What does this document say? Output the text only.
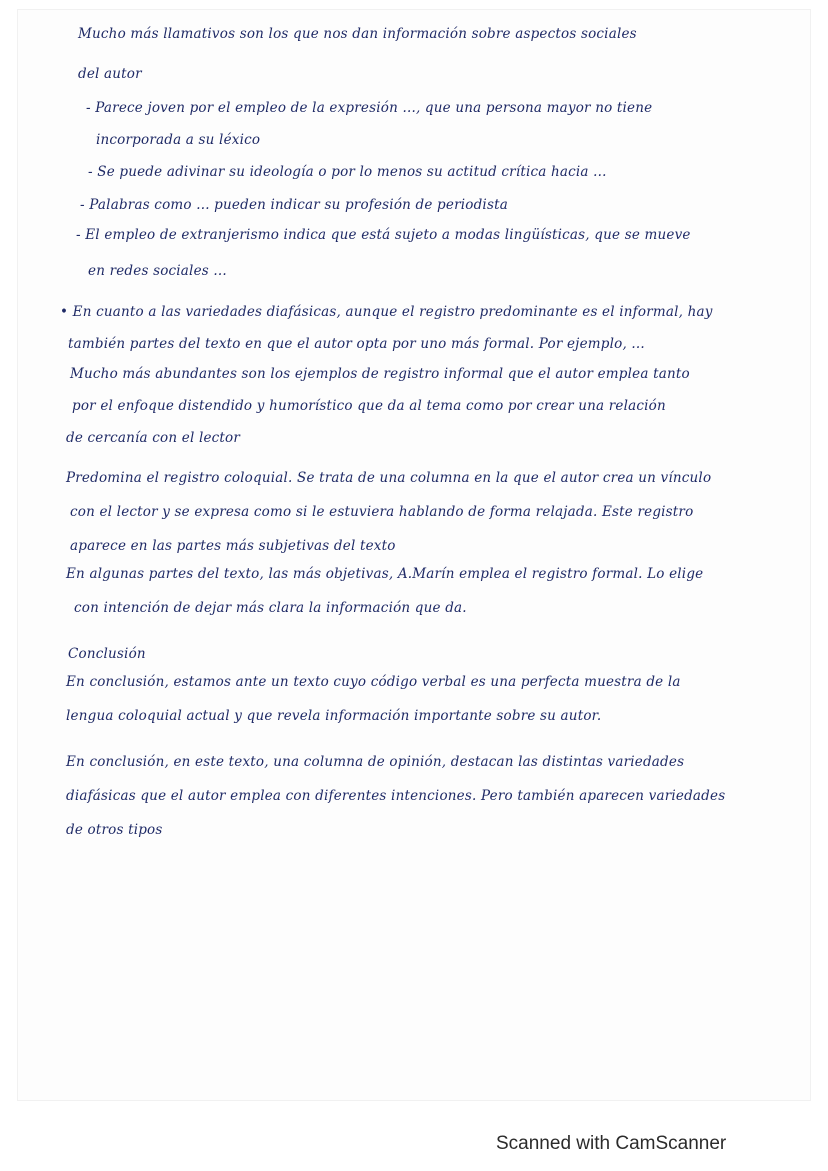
Mucho más llamativos son los que nos dan información sobre aspectos sociales
del autor
- Parece joven por el empleo de la expresión ..., que una persona mayor no tiene
incorporada a su léxico
- Se puede adivinar su ideología o por lo menos su actitud crítica hacia ...
- Palabras como ... pueden indicar su profesión de periodista
- El empleo de extranjerismo indica que está sujeto a modas lingüísticas, que se mueve
en redes sociales ...
• En cuanto a las variedades diafásicas, aunque el registro predominante es el informal, hay
también partes del texto en que el autor opta por uno más formal. Por ejemplo, ...
Mucho más abundantes son los ejemplos de registro informal que el autor emplea tanto
por el enfoque distendido y humorístico que da al tema como por crear una relación
de cercanía con el lector
Predomina el registro coloquial. Se trata de una columna en la que el autor crea un vínculo
con el lector y se expresa como si le estuviera hablando de forma relajada. Este registro
aparece en las partes más subjetivas del texto
En algunas partes del texto, las más objetivas, A.Marín emplea el registro formal. Lo elige
con intención de dejar más clara la información que da.
Conclusión
En conclusión, estamos ante un texto cuyo código verbal es una perfecta muestra de la
lengua coloquial actual y que revela información importante sobre su autor.
En conclusión, en este texto, una columna de opinión, destacan las distintas variedades
diafásicas que el autor emplea con diferentes intenciones. Pero también aparecen variedades
de otros tipos
Scanned with CamScanner
